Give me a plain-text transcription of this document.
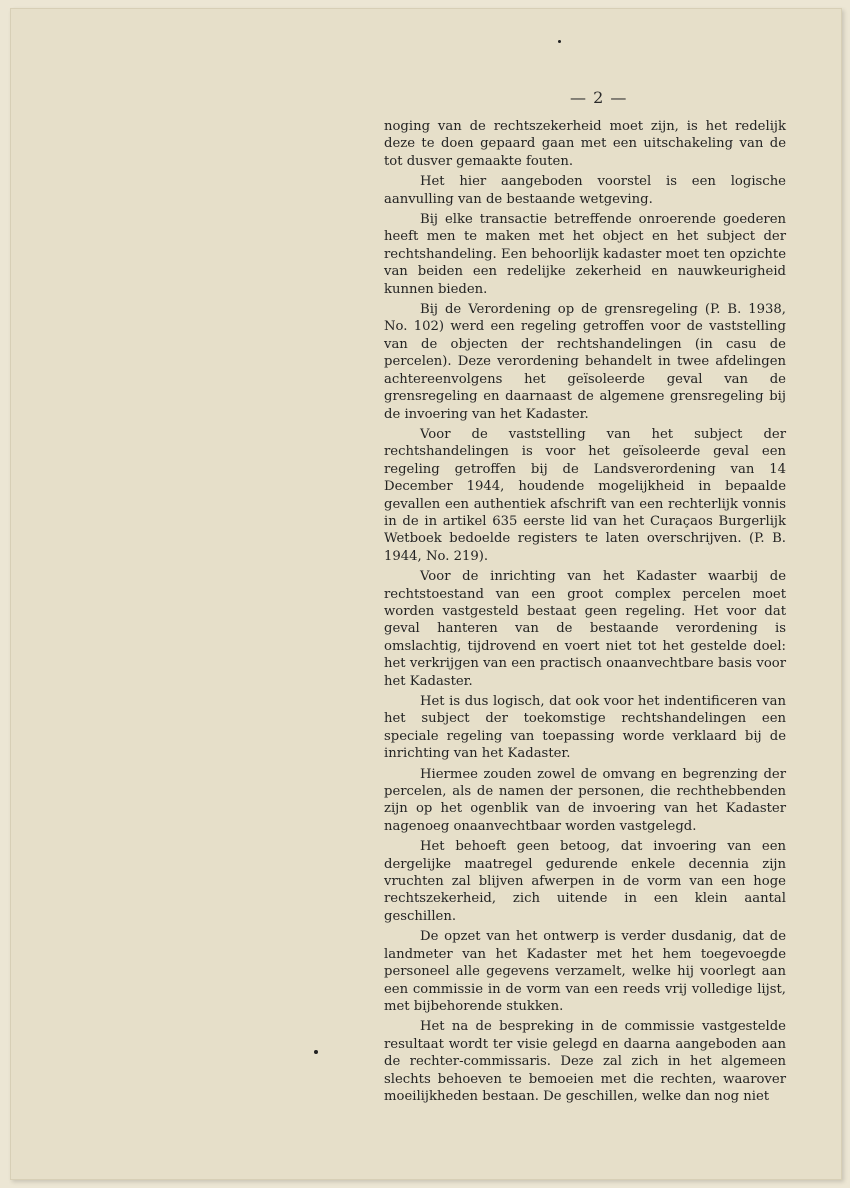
— 2 —

noging van de rechtszekerheid moet zijn, is het redelijk deze te doen gepaard gaan met een uitschakeling van de tot dusver gemaakte fouten.

Het hier aangeboden voorstel is een logische aanvulling van de bestaande wetgeving.

Bij elke transactie betreffende onroerende goederen heeft men te maken met het object en het subject der rechtshandeling. Een behoorlijk kadaster moet ten opzichte van beiden een redelijke zekerheid en nauwkeurigheid kunnen bieden.

Bij de Verordening op de grensregeling (P. B. 1938, No. 102) werd een regeling getroffen voor de vaststelling van de objecten der rechtshandelingen (in casu de percelen). Deze verordening behandelt in twee afdelingen achtereenvolgens het geïsoleerde geval van de grensregeling en daarnaast de algemene grensregeling bij de invoering van het Kadaster.

Voor de vaststelling van het subject der rechtshandelingen is voor het geïsoleerde geval een regeling getroffen bij de Landsverordening van 14 December 1944, houdende mogelijkheid in bepaalde gevallen een authentiek afschrift van een rechterlijk vonnis in de in artikel 635 eerste lid van het Curaçaos Burgerlijk Wetboek bedoelde registers te laten overschrijven. (P. B. 1944, No. 219).

Voor de inrichting van het Kadaster waarbij de rechtstoestand van een groot complex percelen moet worden vastgesteld bestaat geen regeling. Het voor dat geval hanteren van de bestaande verordening is omslachtig, tijdrovend en voert niet tot het gestelde doel: het verkrijgen van een practisch onaanvechtbare basis voor het Kadaster.

Het is dus logisch, dat ook voor het indentificeren van het subject der toekomstige rechtshandelingen een speciale regeling van toepassing worde verklaard bij de inrichting van het Kadaster.

Hiermee zouden zowel de omvang en begrenzing der percelen, als de namen der personen, die rechthebbenden zijn op het ogenblik van de invoering van het Kadaster nagenoeg onaanvechtbaar worden vastgelegd.

Het behoeft geen betoog, dat invoering van een dergelijke maatregel gedurende enkele decennia zijn vruchten zal blijven afwerpen in de vorm van een hoge rechtszekerheid, zich uitende in een klein aantal geschillen.

De opzet van het ontwerp is verder dusdanig, dat de landmeter van het Kadaster met het hem toegevoegde personeel alle gegevens verzamelt, welke hij voorlegt aan een commissie in de vorm van een reeds vrij volledige lijst, met bijbehorende stukken.

Het na de bespreking in de commissie vastgestelde resultaat wordt ter visie gelegd en daarna aangeboden aan de rechter-commissaris. Deze zal zich in het algemeen slechts behoeven te bemoeien met die rechten, waarover moeilijkheden bestaan. De geschillen, welke dan nog niet
